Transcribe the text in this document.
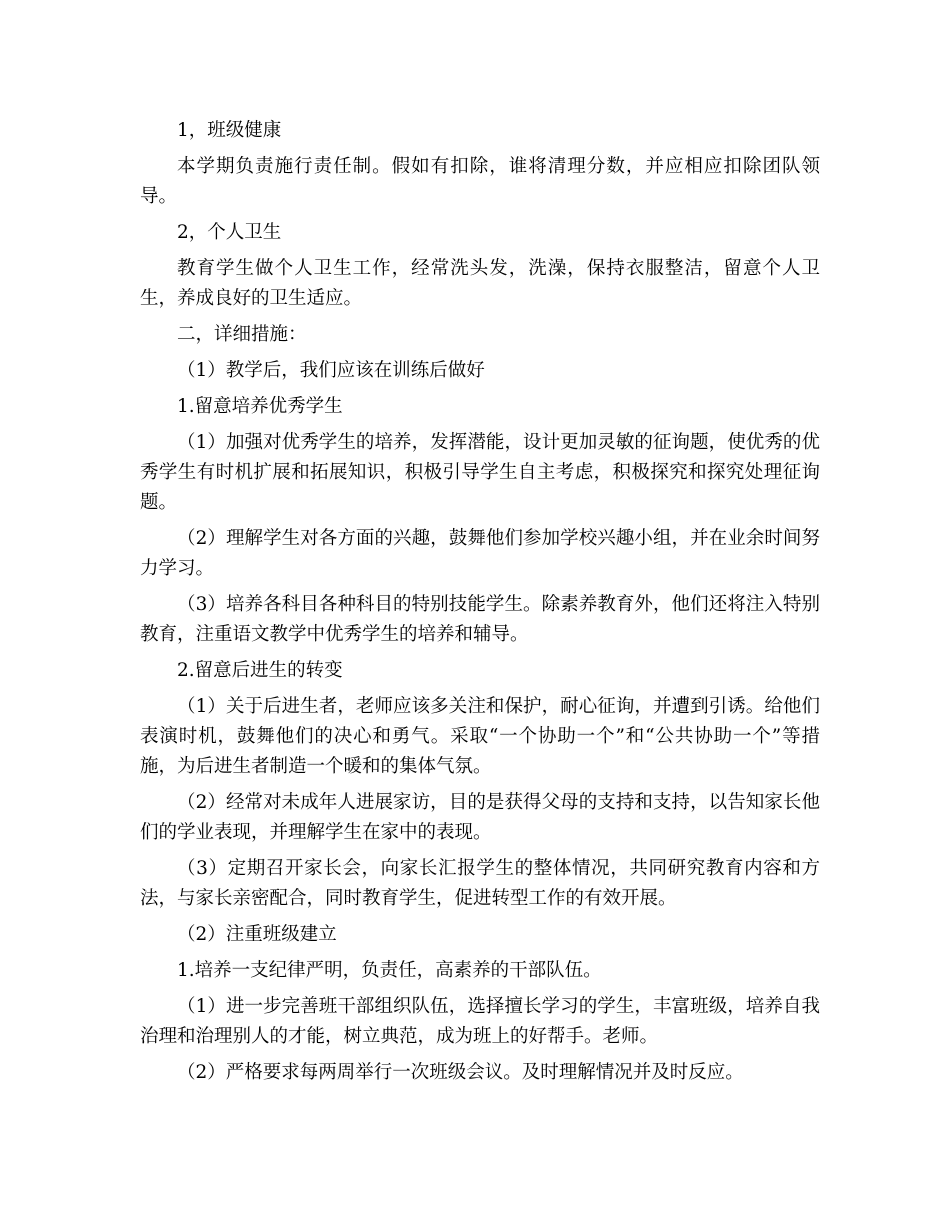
1，班级健康

本学期负责施行责任制。假如有扣除，谁将清理分数，并应相应扣除团队领导。

2，个人卫生

教育学生做个人卫生工作，经常洗头发，洗澡，保持衣服整洁，留意个人卫生，养成良好的卫生适应。

二，详细措施：

（1）教学后，我们应该在训练后做好

1.留意培养优秀学生

（1）加强对优秀学生的培养，发挥潜能，设计更加灵敏的征询题，使优秀的优秀学生有时机扩展和拓展知识，积极引导学生自主考虑，积极探究和探究处理征询题。

（2）理解学生对各方面的兴趣，鼓舞他们参加学校兴趣小组，并在业余时间努力学习。

（3）培养各科目各种科目的特别技能学生。除素养教育外，他们还将注入特别教育，注重语文教学中优秀学生的培养和辅导。

2.留意后进生的转变

（1）关于后进生者，老师应该多关注和保护，耐心征询，并遭到引诱。给他们表演时机，鼓舞他们的决心和勇气。采取“一个协助一个”和“公共协助一个”等措施，为后进生者制造一个暖和的集体气氛。

（2）经常对未成年人进展家访，目的是获得父母的支持和支持，以告知家长他们的学业表现，并理解学生在家中的表现。

（3）定期召开家长会，向家长汇报学生的整体情况，共同研究教育内容和方法，与家长亲密配合，同时教育学生，促进转型工作的有效开展。

（2）注重班级建立

1.培养一支纪律严明，负责任，高素养的干部队伍。

（1）进一步完善班干部组织队伍，选择擅长学习的学生，丰富班级，培养自我治理和治理别人的才能，树立典范，成为班上的好帮手。老师。

（2）严格要求每两周举行一次班级会议。及时理解情况并及时反应。
